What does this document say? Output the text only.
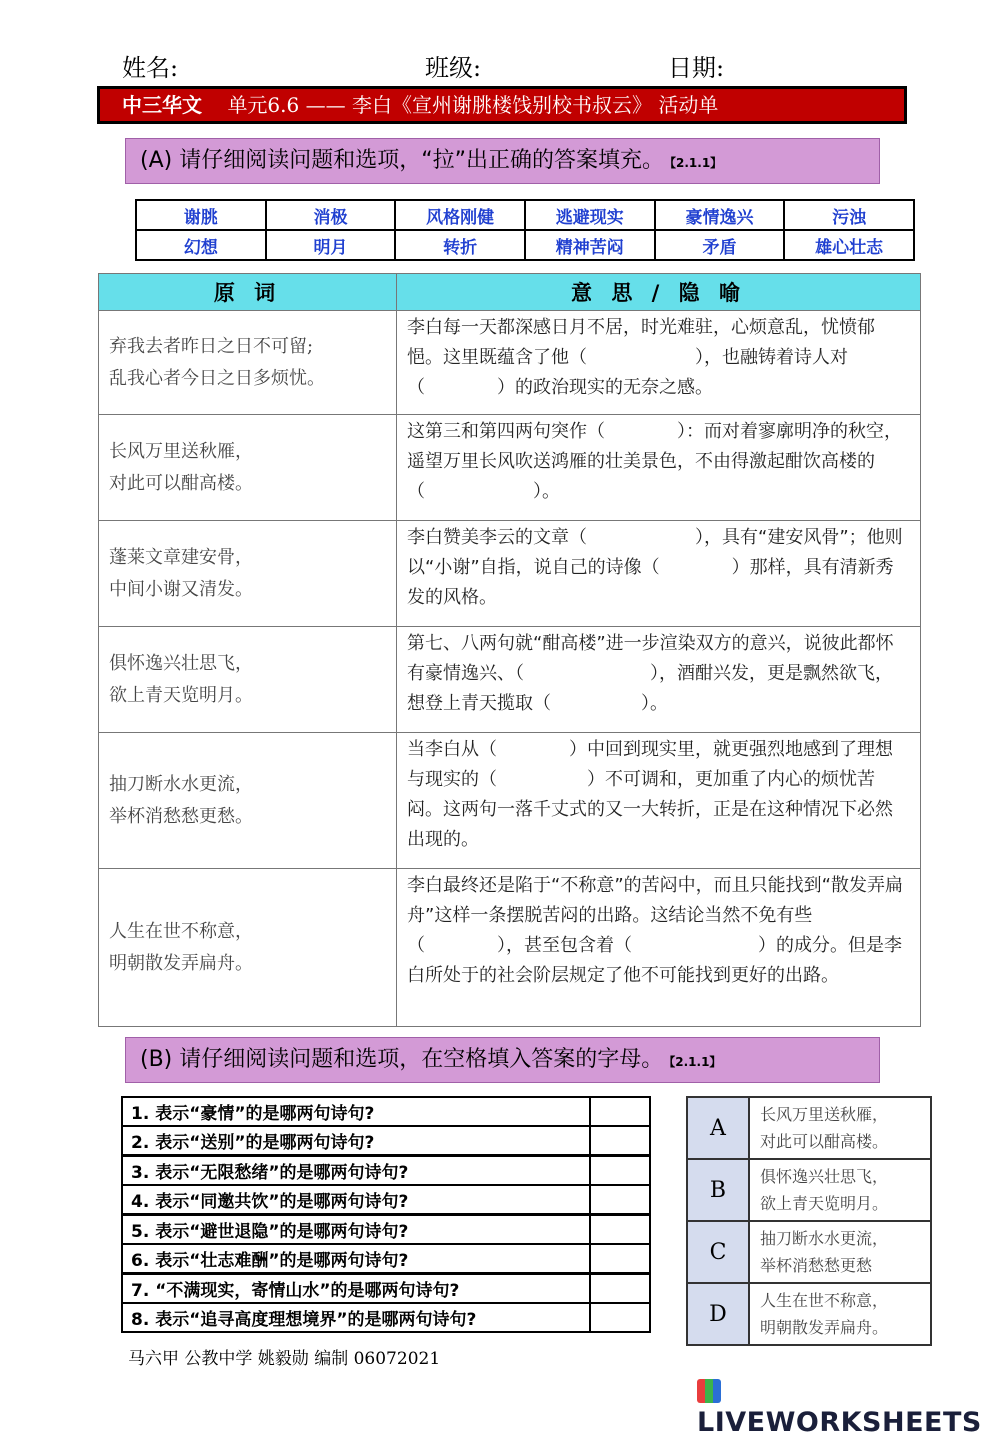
姓名:	班级:	日期:
中三华文 单元6.6 —— 李白《宣州谢朓楼饯别校书叔云》 活动单
(A) 请仔细阅读问题和选项，“拉”出正确的答案填充。 【2.1.1】
谢朓	消极	风格刚健	逃避现实	豪情逸兴	污浊
幻想	明月	转折	精神苦闷	矛盾	雄心壮志
原 词	意 思 / 隐 喻
弃我去者昨日之日不可留;
乱我心者今日之日多烦忧。	李白每一天都深感日月不居，时光难驻，心烦意乱，忧愤郁悒。这里既蕴含了他（　　　　　　），也融铸着诗人对（　　　　）的政治现实的无奈之感。
长风万里送秋雁，
对此可以酣高楼。	这第三和第四两句突作（　　　　）：而对着寥廓明净的秋空，遥望万里长风吹送鸿雁的壮美景色，不由得激起酣饮高楼的（　　　　　　）。
蓬莱文章建安骨，
中间小谢又清发。	李白赞美李云的文章（　　　　　　），具有“建安风骨”；他则以“小谢”自指，说自己的诗像（　　　　）那样，具有清新秀发的风格。
俱怀逸兴壮思飞，
欲上青天览明月。	第七、八两句就“酣高楼”进一步渲染双方的意兴，说彼此都怀有豪情逸兴、（　　　　　　　），酒酣兴发，更是飘然欲飞，想登上青天揽取（　　　　　）。
抽刀断水水更流，
举杯消愁愁更愁。	当李白从（　　　　）中回到现实里，就更强烈地感到了理想与现实的（　　　　　）不可调和，更加重了内心的烦忧苦闷。这两句一落千丈式的又一大转折，正是在这种情况下必然出现的。
人生在世不称意，
明朝散发弄扁舟。	李白最终还是陷于“不称意”的苦闷中，而且只能找到“散发弄扁舟”这样一条摆脱苦闷的出路。这结论当然不免有些（　　　　），甚至包含着（　　　　　　　）的成分。但是李白所处于的社会阶层规定了他不可能找到更好的出路。
(B) 请仔细阅读问题和选项，在空格填入答案的字母。 【2.1.1】
1. 表示“豪情”的是哪两句诗句?	
2. 表示“送别”的是哪两句诗句?	
3. 表示“无限愁绪”的是哪两句诗句?	
4. 表示“同邀共饮”的是哪两句诗句?	
5. 表示“避世退隐”的是哪两句诗句?	
6. 表示“壮志难酬”的是哪两句诗句?	
7. “不满现实，寄情山水”的是哪两句诗句?	
8. 表示“追寻高度理想境界”的是哪两句诗句?	
A	长风万里送秋雁，
对此可以酣高楼。
B	俱怀逸兴壮思飞，
欲上青天览明月。
C	抽刀断水水更流，
举杯消愁愁更愁
D	人生在世不称意，
明朝散发弄扁舟。
马六甲 公教中学 姚毅勋 编制 06072021
LIVEWORKSHEETS
